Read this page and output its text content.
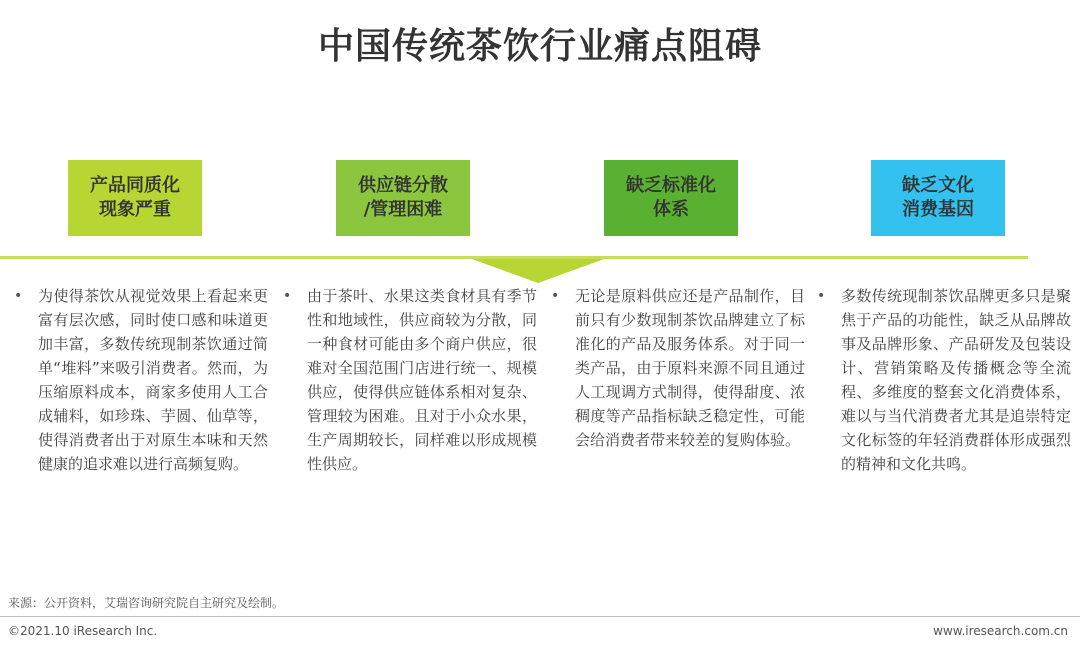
中国传统茶饮行业痛点阻碍
产品同质化
现象严重
供应链分散
/管理困难
缺乏标准化
体系
缺乏文化
消费基因
• 为使得茶饮从视觉效果上看起来更富有层次感，同时使口感和味道更加丰富，多数传统现制茶饮通过简单“堆料”来吸引消费者。然而，为压缩原料成本，商家多使用人工合成辅料，如珍珠、芋圆、仙草等，使得消费者出于对原生本味和天然健康的追求难以进行高频复购。
• 由于茶叶、水果这类食材具有季节性和地域性，供应商较为分散，同一种食材可能由多个商户供应，很难对全国范围门店进行统一、规模供应，使得供应链体系相对复杂、管理较为困难。且对于小众水果，生产周期较长，同样难以形成规模性供应。
• 无论是原料供应还是产品制作，目前只有少数现制茶饮品牌建立了标准化的产品及服务体系。对于同一类产品，由于原料来源不同且通过人工现调方式制得，使得甜度、浓稠度等产品指标缺乏稳定性，可能会给消费者带来较差的复购体验。
• 多数传统现制茶饮品牌更多只是聚焦于产品的功能性，缺乏从品牌故事及品牌形象、产品研发及包装设计、营销策略及传播概念等全流程、多维度的整套文化消费体系，难以与当代消费者尤其是追崇特定文化标签的年轻消费群体形成强烈的精神和文化共鸣。
来源：公开资料，艾瑞咨询研究院自主研究及绘制。
©2021.10 iResearch Inc.	www.iresearch.com.cn
